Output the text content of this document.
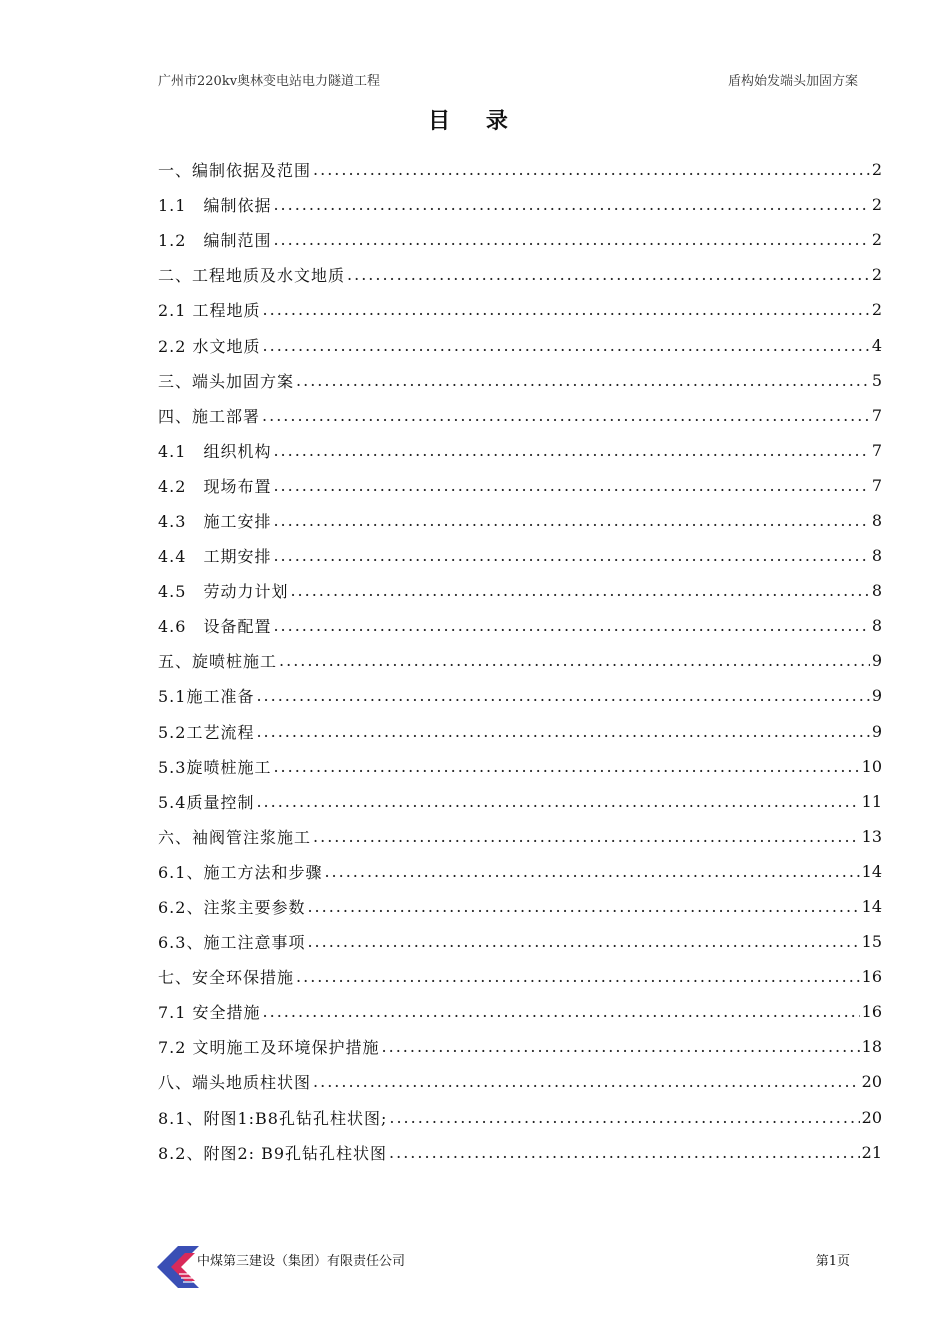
广州市220kv奥林变电站电力隧道工程	盾构始发端头加固方案
目 录
一、编制依据及范围 .....	2
1.1　编制依据 .....	2
1.2　编制范围 .....	2
二、工程地质及水文地质 .....	2
2.1 工程地质 .....	2
2.2 水文地质 .....	4
三、端头加固方案 .....	5
四、施工部署 .....	7
4.1　组织机构 .....	7
4.2　现场布置 .....	7
4.3　施工安排 .....	8
4.4　工期安排 .....	8
4.5　劳动力计划 .....	8
4.6　设备配置 .....	8
五、旋喷桩施工 .....	9
5.1施工准备 .....	9
5.2工艺流程 .....	9
5.3旋喷桩施工 .....	10
5.4质量控制 .....	11
六、袖阀管注浆施工 .....	13
6.1、施工方法和步骤 .....	14
6.2、注浆主要参数 .....	14
6.3、施工注意事项 .....	15
七、安全环保措施 .....	16
7.1 安全措施 .....	16
7.2 文明施工及环境保护措施 .....	18
八、端头地质柱状图 .....	20
8.1、附图1:B8孔钻孔柱状图; .....	20
8.2、附图2: B9孔钻孔柱状图 .....	21
中煤第三建设（集团）有限责任公司	第1页
